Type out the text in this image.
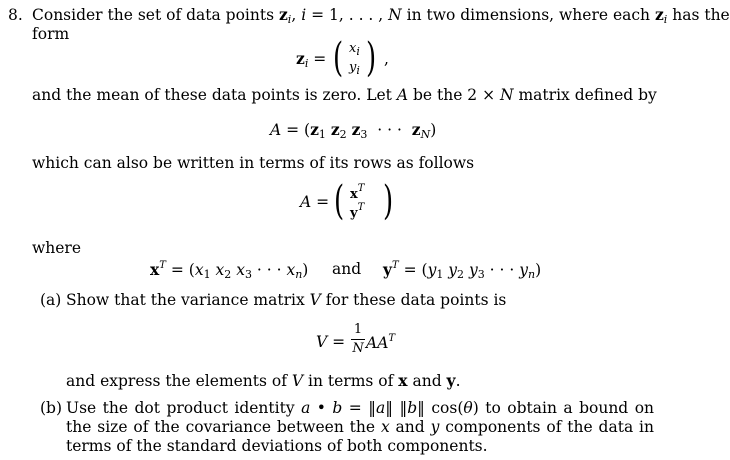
8. Consider the set of data points $z_i$, i = 1, . . . , N in two dimensions, where each $z_i$ has the
form
$z_i$ = ( $x_i$
$y_i$ ) ,
and the mean of these data points is zero. Let A be the 2 × N matrix defined by
$A = (z_1$ $z_2$ $z_3$  · · ·  $z_N$)
which can also be written in terms of its rows as follows
A = ( $x^T$
$y^T$ )
where
$x^T = (x_1$ $x_2$ $x_3$ · · · $x_n$) and $y^T = (y_1$ $y_2$ $y_3$ · · · $y_n$)
(a) Show that the variance matrix V for these data points is
V =
1
N $AA^T$
and express the elements of V in terms of x and y.
(b) Use the dot product identity a • b = ‖a‖ ‖b‖ cos(θ) to obtain a bound on the size of the covariance between the x and y components of the data in terms of the standard deviations of both components.
